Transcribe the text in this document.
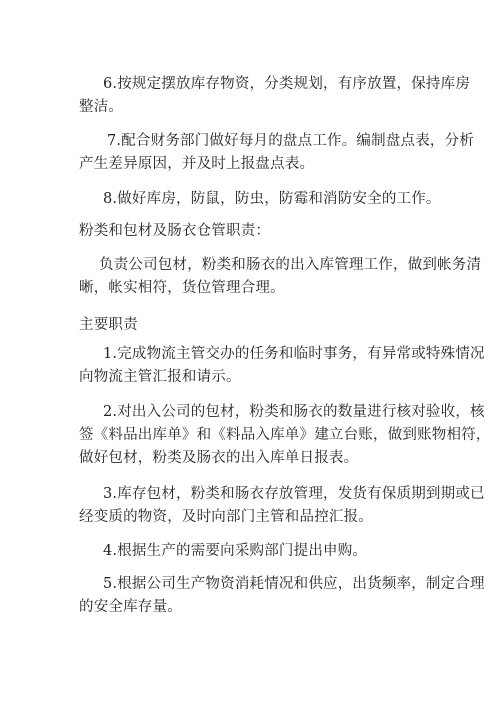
6.按规定摆放库存物资，分类规划，有序放置，保持库房
整洁。
7.配合财务部门做好每月的盘点工作。编制盘点表，分析
产生差异原因，并及时上报盘点表。
8.做好库房，防鼠，防虫，防霉和消防安全的工作。
粉类和包材及肠衣仓管职责：
负责公司包材，粉类和肠衣的出入库管理工作，做到帐务清
晰，帐实相符，货位管理合理。
主要职责
1.完成物流主管交办的任务和临时事务，有异常或特殊情况
向物流主管汇报和请示。
2.对出入公司的包材，粉类和肠衣的数量进行核对验收，核
签《料品出库单》和《料品入库单》建立台账，做到账物相符，
做好包材，粉类及肠衣的出入库单日报表。
3.库存包材，粉类和肠衣存放管理，发货有保质期到期或已
经变质的物资，及时向部门主管和品控汇报。
4.根据生产的需要向采购部门提出申购。
5.根据公司生产物资消耗情况和供应，出货频率，制定合理
的安全库存量。
